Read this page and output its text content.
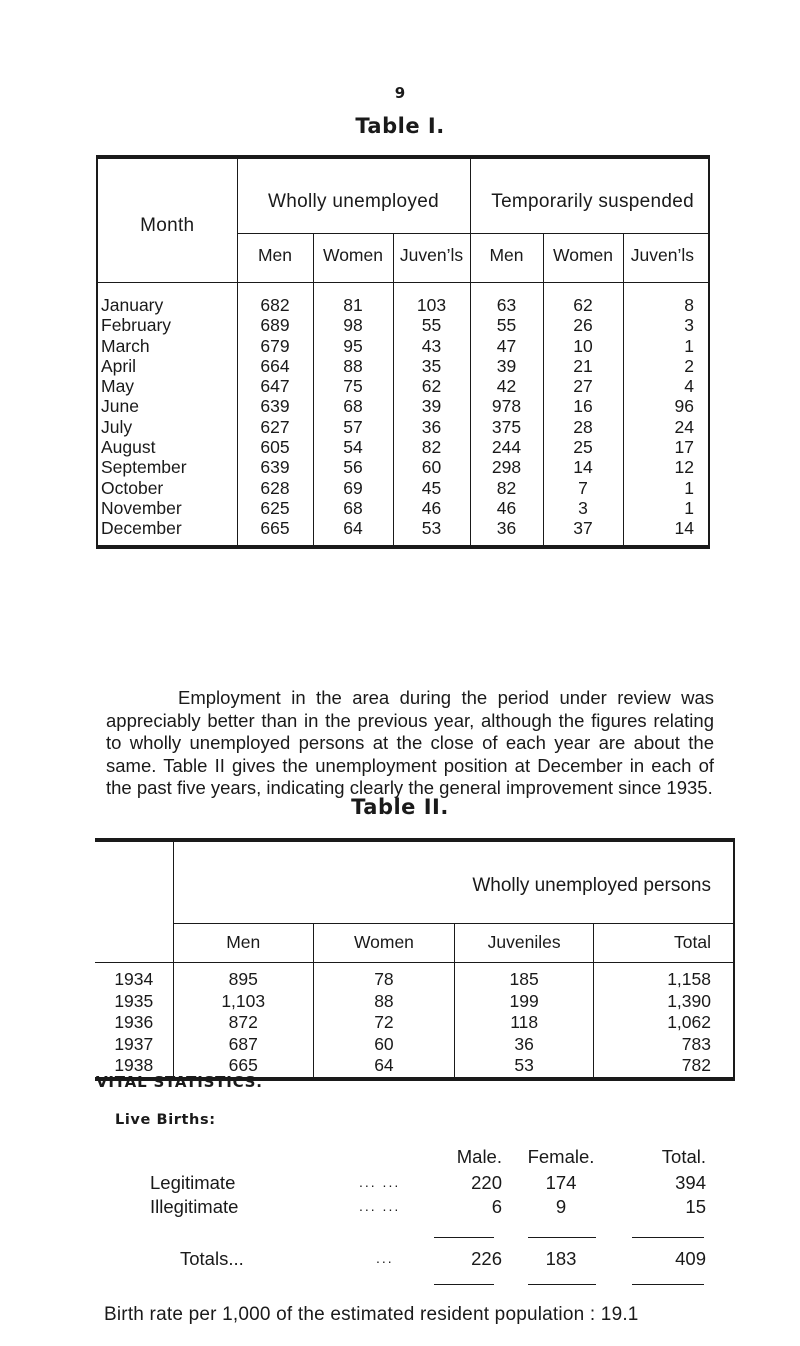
9
Table I.
Month	Wholly unemployed			Temporarily suspended		
	Men	Women	Juven’ls	Men	Women	Juven’ls
January	682	81	103	63	62	8
February	689	98	55	55	26	3
March	679	95	43	47	10	1
April	664	88	35	39	21	2
May	647	75	62	42	27	4
June	639	68	39	978	16	96
July	627	57	36	375	28	24
August	605	54	82	244	25	17
September	639	56	60	298	14	12
October	628	69	45	82	7	1
November	625	68	46	46	3	1
December	665	64	53	36	37	14

Employment in the area during the period under review was appreciably better than in the previous year, although the figures relating to wholly unemployed persons at the close of each year are about the same. Table II gives the unemployment position at December in each of the past five years, indicating clearly the general improvement since 1935.

Table II.
	Wholly unemployed persons			
	Men	Women	Juveniles	Total
1934	895	78	185	1,158
1935	1,103	88	199	1,390
1936	872	72	118	1,062
1937	687	60	36	783
1938	665	64	53	782
VITAL STATISTICS.
Live Births:
Male.	Female.	Total.
Legitimate	... ...	220	174	394
Illegitimate	... ...	6	9	15
Totals...	...	226	183	409
Birth rate per 1,000 of the estimated resident population : 19.1
